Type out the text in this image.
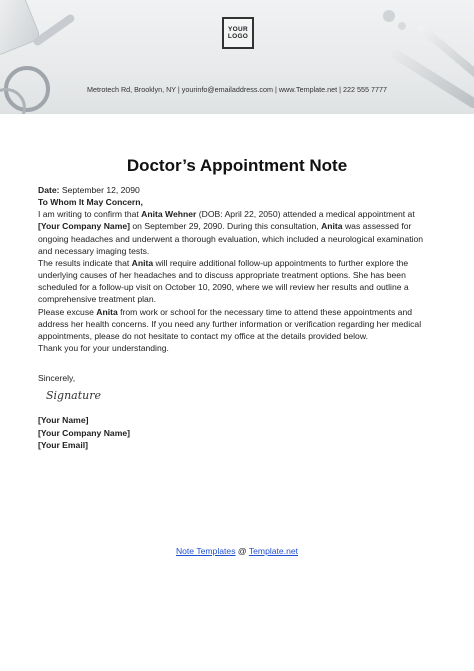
YOUR
LOGO
Metrotech Rd, Brooklyn, NY | yourinfo@emailaddress.com | www.Template.net | 222 555 7777
Doctor’s Appointment Note

Date: September 12, 2090

To Whom It May Concern,

I am writing to confirm that Anita Wehner (DOB: April 22, 2050) attended a medical appointment at [Your Company Name] on September 29, 2090. During this consultation, Anita was assessed for ongoing headaches and underwent a thorough evaluation, which included a neurological examination and necessary imaging tests.

The results indicate that Anita will require additional follow-up appointments to further explore the underlying causes of her headaches and to discuss appropriate treatment options. She has been scheduled for a follow-up visit on October 10, 2090, where we will review her results and outline a comprehensive treatment plan.

Please excuse Anita from work or school for the necessary time to attend these appointments and address her health concerns. If you need any further information or verification regarding her medical appointments, please do not hesitate to contact my office at the details provided below.

Thank you for your understanding.

Sincerely,

Signature

[Your Name]

[Your Company Name]

[Your Email]

Note Templates @ Template.net
